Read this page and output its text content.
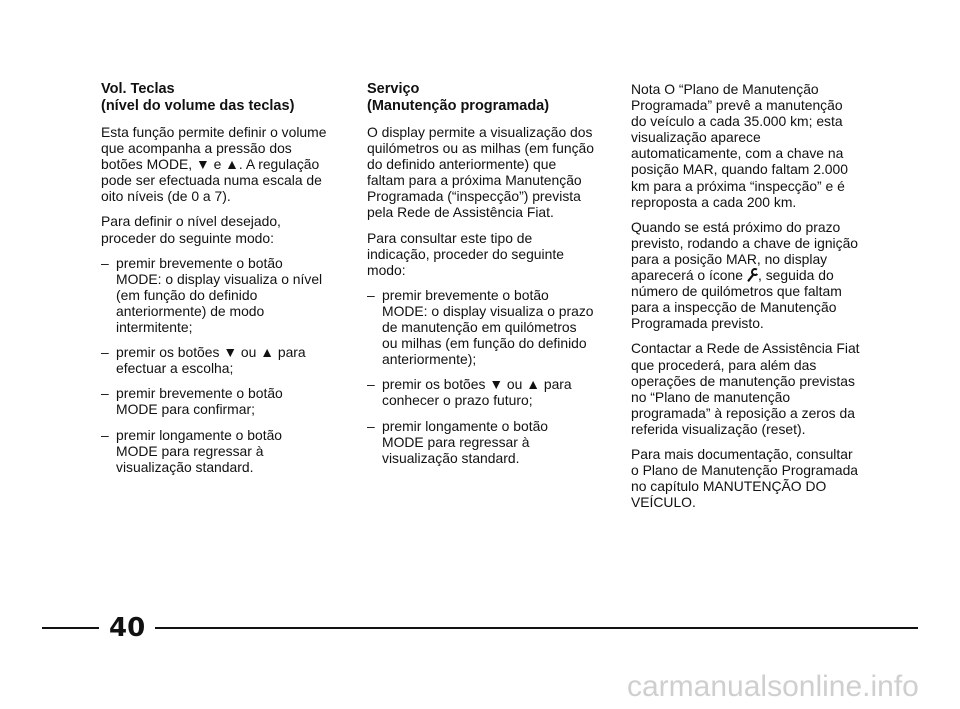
Vol. Teclas
(nível do volume das teclas)
Esta função permite definir o volume
que acompanha a pressão dos
botões MODE, ▼ e ▲. A regulação
pode ser efectuada numa escala de
oito níveis (de 0 a 7).
Para definir o nível desejado,
proceder do seguinte modo:
– premir brevemente o botão
MODE: o display visualiza o nível
(em função do definido
anteriormente) de modo
intermitente;
– premir os botões ▼ ou ▲ para
efectuar a escolha;
– premir brevemente o botão
MODE para confirmar;
– premir longamente o botão
MODE para regressar à
visualização standard.
Serviço
(Manutenção programada)
O display permite a visualização dos
quilómetros ou as milhas (em função
do definido anteriormente) que
faltam para a próxima Manutenção
Programada (“inspecção”) prevista
pela Rede de Assistência Fiat.
Para consultar este tipo de
indicação, proceder do seguinte
modo:
– premir brevemente o botão
MODE: o display visualiza o prazo
de manutenção em quilómetros
ou milhas (em função do definido
anteriormente);
– premir os botões ▼ ou ▲ para
conhecer o prazo futuro;
– premir longamente o botão
MODE para regressar à
visualização standard.
Nota O “Plano de Manutenção
Programada” prevê a manutenção
do veículo a cada 35.000 km; esta
visualização aparece
automaticamente, com a chave na
posição MAR, quando faltam 2.000
km para a próxima “inspecção” e é
reproposta a cada 200 km.
Quando se está próximo do prazo
previsto, rodando a chave de ignição
para a posição MAR, no display
aparecerá o ícone , seguida do
número de quilómetros que faltam
para a inspecção de Manutenção
Programada previsto.
Contactar a Rede de Assistência Fiat
que procederá, para além das
operações de manutenção previstas
no “Plano de manutenção
programada” à reposição a zeros da
referida visualização (reset).
Para mais documentação, consultar
o Plano de Manutenção Programada
no capítulo MANUTENÇÃO DO
VEÍCULO.
40
carmanualsonline.info
